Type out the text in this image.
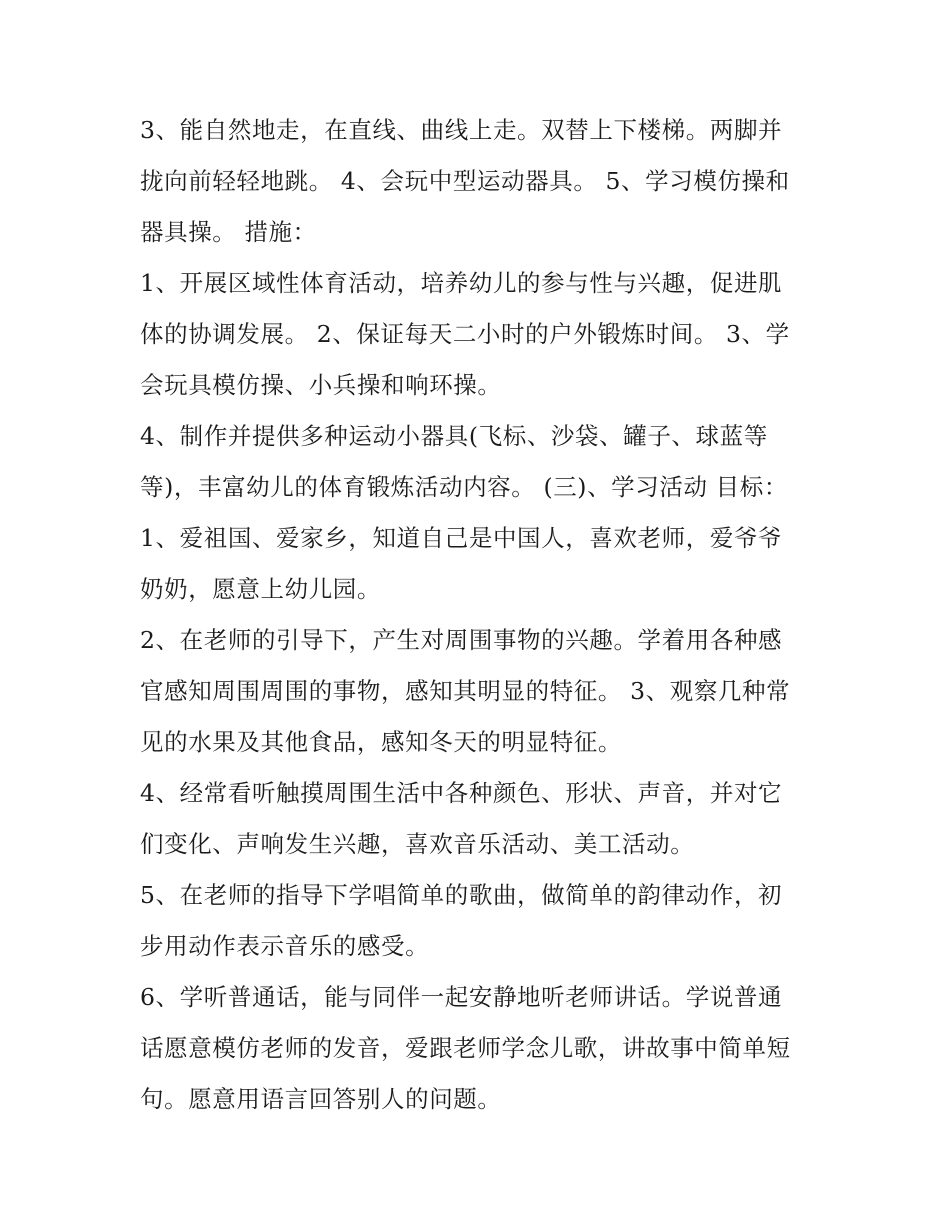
3、能自然地走，在直线、曲线上走。双替上下楼梯。两脚并
拢向前轻轻地跳。 4、会玩中型运动器具。 5、学习模仿操和
器具操。 措施：

1、开展区域性体育活动，培养幼儿的参与性与兴趣，促进肌
体的协调发展。 2、保证每天二小时的户外锻炼时间。 3、学
会玩具模仿操、小兵操和响环操。

4、制作并提供多种运动小器具(飞标、沙袋、罐子、球蓝等
等)，丰富幼儿的体育锻炼活动内容。 (三)、学习活动 目标：

1、爱祖国、爱家乡，知道自己是中国人，喜欢老师，爱爷爷
奶奶，愿意上幼儿园。

2、在老师的引导下，产生对周围事物的兴趣。学着用各种感
官感知周围周围的事物，感知其明显的特征。 3、观察几种常
见的水果及其他食品，感知冬天的明显特征。

4、经常看听触摸周围生活中各种颜色、形状、声音，并对它
们变化、声响发生兴趣，喜欢音乐活动、美工活动。

5、在老师的指导下学唱简单的歌曲，做简单的韵律动作，初
步用动作表示音乐的感受。

6、学听普通话，能与同伴一起安静地听老师讲话。学说普通
话愿意模仿老师的发音，爱跟老师学念儿歌，讲故事中简单短
句。愿意用语言回答别人的问题。
